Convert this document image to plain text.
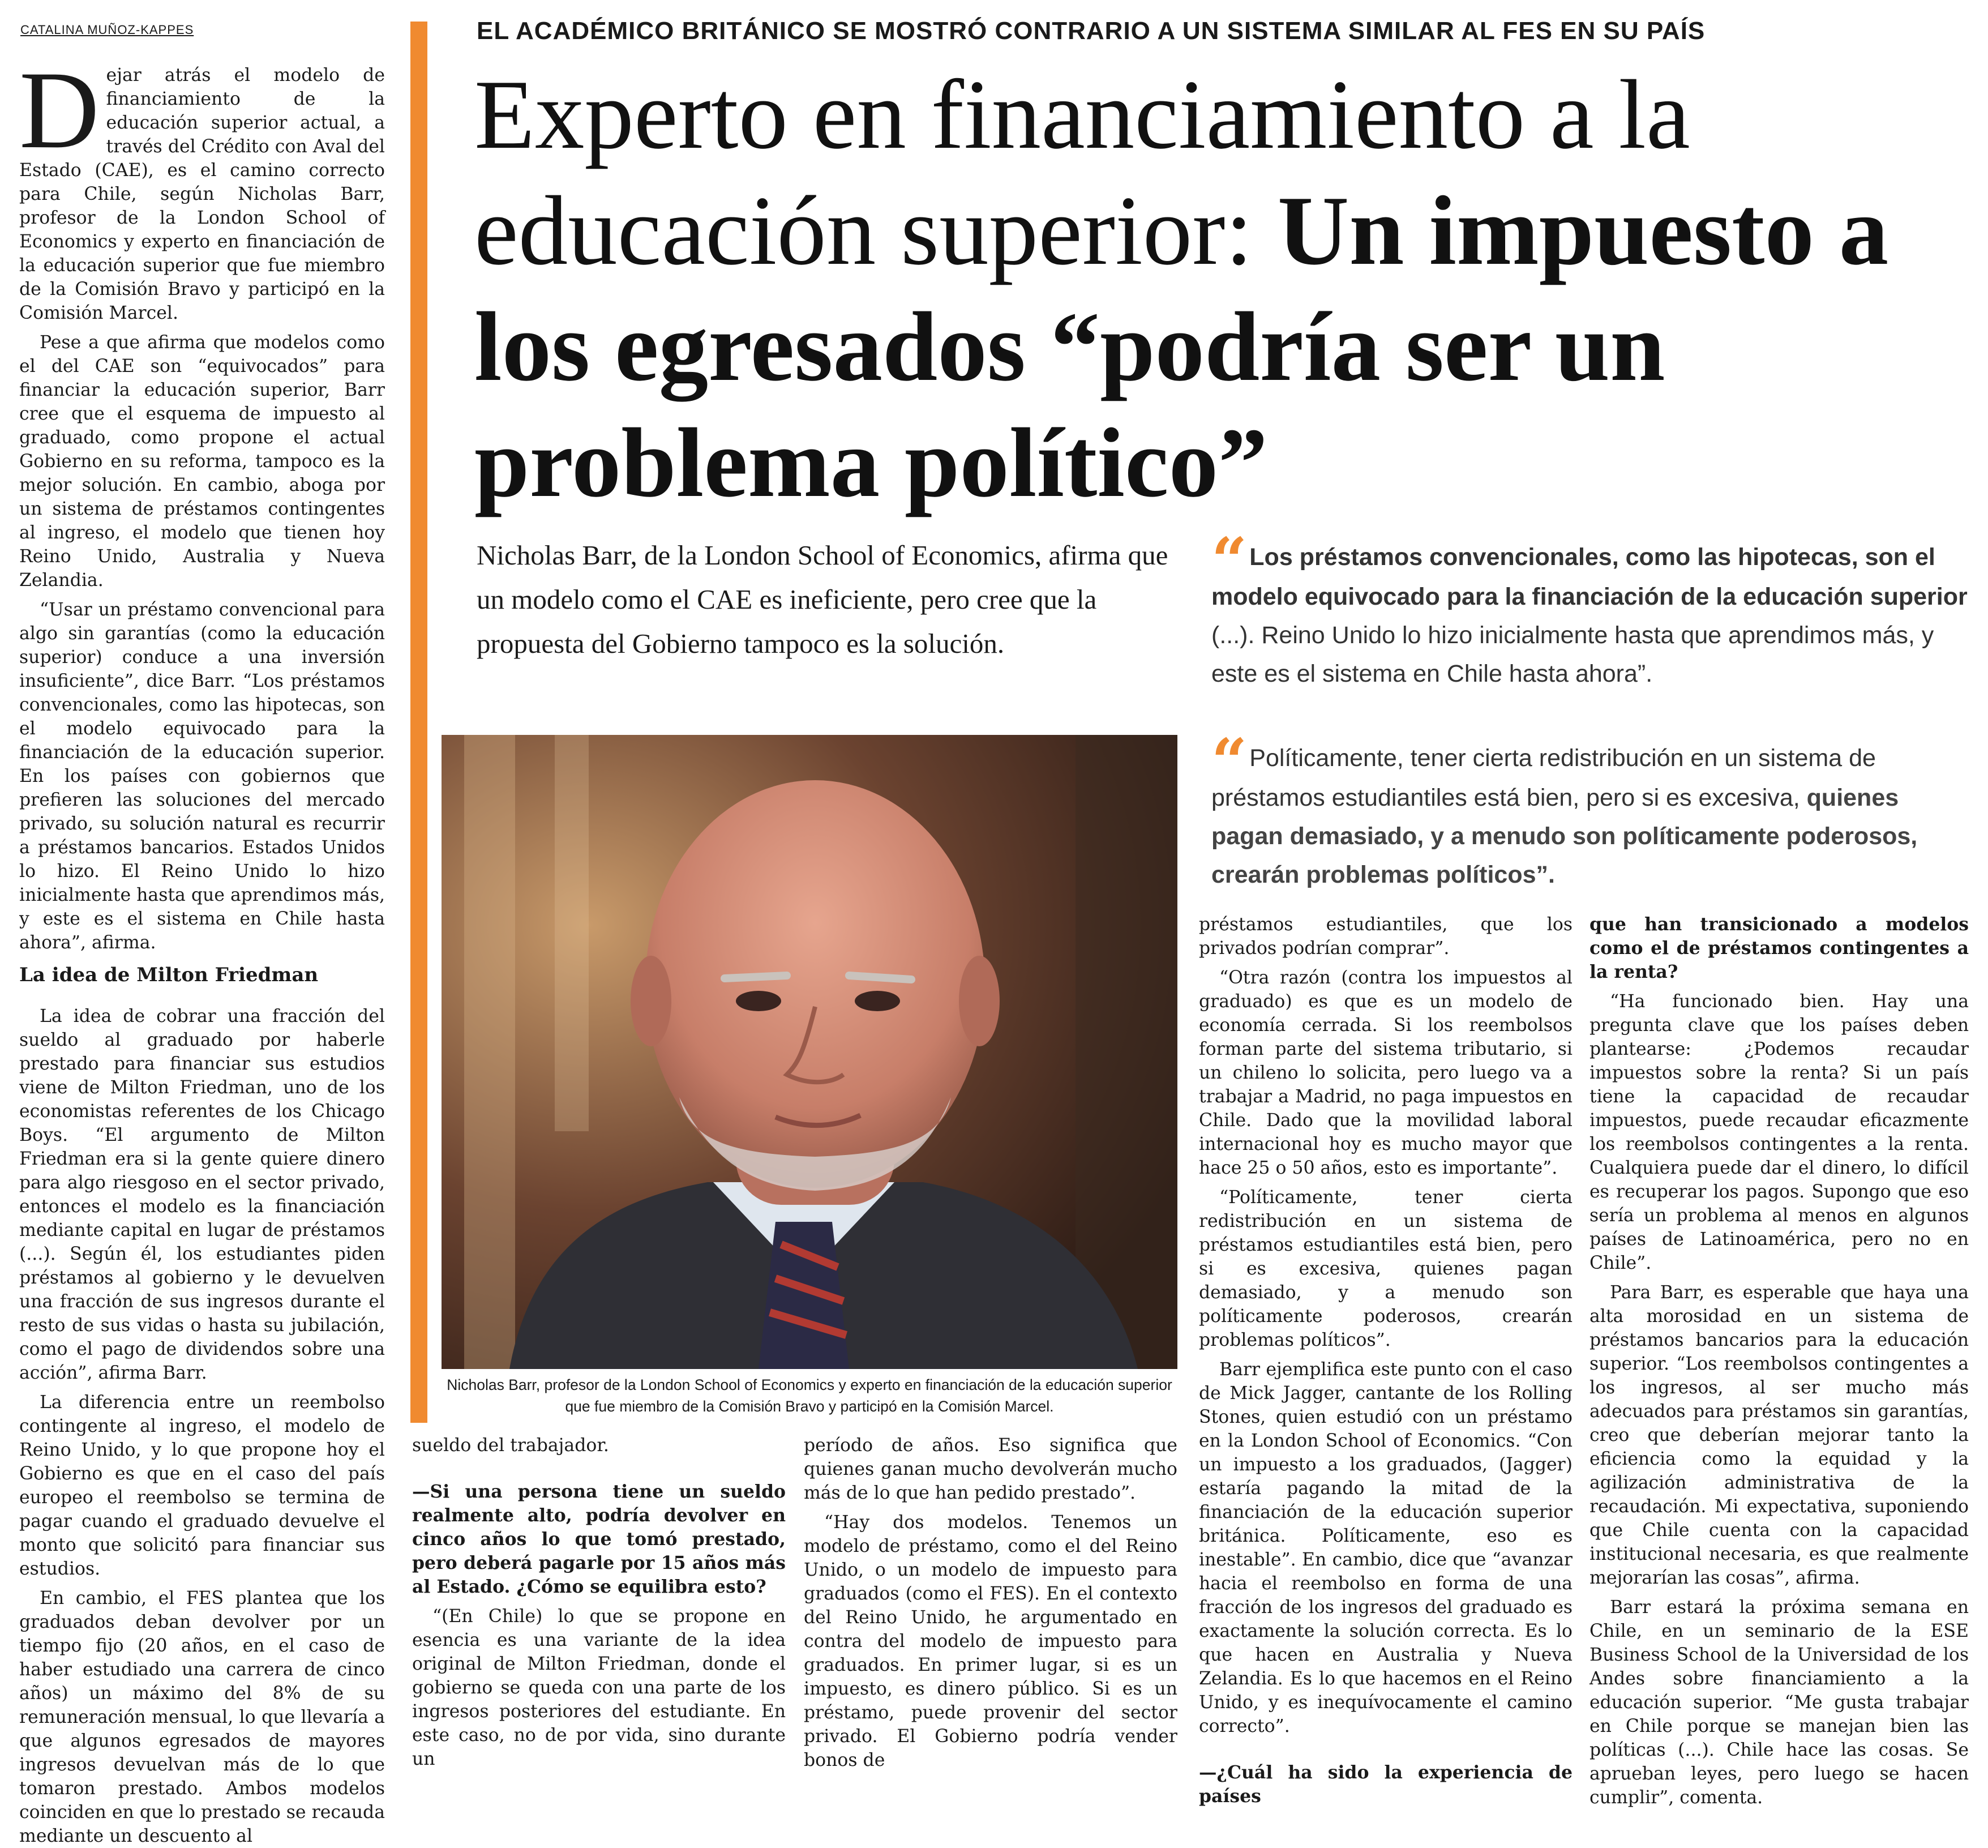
CATALINA MUÑOZ-KAPPES	EL ACADÉMICO BRITÁNICO SE MOSTRÓ CONTRARIO A UN SISTEMA SIMILAR AL FES EN SU PAÍS
Experto en financiamiento a la educación superior: Un impuesto a los egresados “podría ser un problema político”
Nicholas Barr, de la London School of Economics, afirma que un modelo como el CAE es ineficiente, pero cree que la propuesta del Gobierno tampoco es la solución.
“ Los préstamos convencionales, como las hipotecas, son el modelo equivocado para la financiación de la educación superior (...). Reino Unido lo hizo inicialmente hasta que aprendimos más, y este es el sistema en Chile hasta ahora”.
“ Políticamente, tener cierta redistribución en un sistema de préstamos estudiantiles está bien, pero si es excesiva, quienes pagan demasiado, y a menudo son políticamente poderosos, crearán problemas políticos”.
Nicholas Barr, profesor de la London School of Economics y experto en financiación de la educación superior que fue miembro de la Comisión Bravo y participó en la Comisión Marcel.

Dejar atrás el modelo de financiamiento de la educación superior actual, a través del Crédito con Aval del Estado (CAE), es el camino correcto para Chile, según Nicholas Barr, profesor de la London School of Economics y experto en financiación de la educación superior que fue miembro de la Comisión Bravo y participó en la Comisión Marcel.

Pese a que afirma que modelos como el del CAE son “equivocados” para financiar la educación superior, Barr cree que el esquema de impuesto al graduado, como propone el actual Gobierno en su reforma, tampoco es la mejor solución. En cambio, aboga por un sistema de préstamos contingentes al ingreso, el modelo que tienen hoy Reino Unido, Australia y Nueva Zelandia.

“Usar un préstamo convencional para algo sin garantías (como la educación superior) conduce a una inversión insuficiente”, dice Barr. “Los préstamos convencionales, como las hipotecas, son el modelo equivocado para la financiación de la educación superior. En los países con gobiernos que prefieren las soluciones del mercado privado, su solución natural es recurrir a préstamos bancarios. Estados Unidos lo hizo. El Reino Unido lo hizo inicialmente hasta que aprendimos más, y este es el sistema en Chile hasta ahora”, afirma.

La idea de Milton Friedman

La idea de cobrar una fracción del sueldo al graduado por haberle prestado para financiar sus estudios viene de Milton Friedman, uno de los economistas referentes de los Chicago Boys. “El argumento de Milton Friedman era si la gente quiere dinero para algo riesgoso en el sector privado, entonces el modelo es la financiación mediante capital en lugar de préstamos (...). Según él, los estudiantes piden préstamos al gobierno y le devuelven una fracción de sus ingresos durante el resto de sus vidas o hasta su jubilación, como el pago de dividendos sobre una acción”, afirma Barr.

La diferencia entre un reembolso contingente al ingreso, el modelo de Reino Unido, y lo que propone hoy el Gobierno es que en el caso del país europeo el reembolso se termina de pagar cuando el graduado devuelve el monto que solicitó para financiar sus estudios.

En cambio, el FES plantea que los graduados deban devolver por un tiempo fijo (20 años, en el caso de haber estudiado una carrera de cinco años) un máximo del 8% de su remuneración mensual, lo que llevaría a que algunos egresados de mayores ingresos devuelvan más de lo que tomaron prestado. Ambos modelos coinciden en que lo prestado se recauda mediante un descuento al

sueldo del trabajador.

—Si una persona tiene un sueldo realmente alto, podría devolver en cinco años lo que tomó prestado, pero deberá pagarle por 15 años más al Estado. ¿Cómo se equilibra esto?

“(En Chile) lo que se propone en esencia es una variante de la idea original de Milton Friedman, donde el gobierno se queda con una parte de los ingresos posteriores del estudiante. En este caso, no de por vida, sino durante un

período de años. Eso significa que quienes ganan mucho devolverán mucho más de lo que han pedido prestado”.

“Hay dos modelos. Tenemos un modelo de préstamo, como el del Reino Unido, o un modelo de impuesto para graduados (como el FES). En el contexto del Reino Unido, he argumentado en contra del modelo de impuesto para graduados. En primer lugar, si es un impuesto, es dinero público. Si es un préstamo, puede provenir del sector privado. El Gobierno podría vender bonos de

préstamos estudiantiles, que los privados podrían comprar”.

“Otra razón (contra los impuestos al graduado) es que es un modelo de economía cerrada. Si los reembolsos forman parte del sistema tributario, si un chileno lo solicita, pero luego va a trabajar a Madrid, no paga impuestos en Chile. Dado que la movilidad laboral internacional hoy es mucho mayor que hace 25 o 50 años, esto es importante”.

“Políticamente, tener cierta redistribución en un sistema de préstamos estudiantiles está bien, pero si es excesiva, quienes pagan demasiado, y a menudo son políticamente poderosos, crearán problemas políticos”.

Barr ejemplifica este punto con el caso de Mick Jagger, cantante de los Rolling Stones, quien estudió con un préstamo en la London School of Economics. “Con un impuesto a los graduados, (Jagger) estaría pagando la mitad de la financiación de la educación superior británica. Políticamente, eso es inestable”. En cambio, dice que “avanzar hacia el reembolso en forma de una fracción de los ingresos del graduado es exactamente la solución correcta. Es lo que hacen en Australia y Nueva Zelandia. Es lo que hacemos en el Reino Unido, y es inequívocamente el camino correcto”.

—¿Cuál ha sido la experiencia de países

que han transicionado a modelos como el de préstamos contingentes a la renta?

“Ha funcionado bien. Hay una pregunta clave que los países deben plantearse: ¿Podemos recaudar impuestos sobre la renta? Si un país tiene la capacidad de recaudar impuestos, puede recaudar eficazmente los reembolsos contingentes a la renta. Cualquiera puede dar el dinero, lo difícil es recuperar los pagos. Supongo que eso sería un problema al menos en algunos países de Latinoamérica, pero no en Chile”.

Para Barr, es esperable que haya una alta morosidad en un sistema de préstamos bancarios para la educación superior. “Los reembolsos contingentes a los ingresos, al ser mucho más adecuados para préstamos sin garantías, creo que deberían mejorar tanto la eficiencia como la equidad y la agilización administrativa de la recaudación. Mi expectativa, suponiendo que Chile cuenta con la capacidad institucional necesaria, es que realmente mejorarían las cosas”, afirma.

Barr estará la próxima semana en Chile, en un seminario de la ESE Business School de la Universidad de los Andes sobre financiamiento a la educación superior. “Me gusta trabajar en Chile porque se manejan bien las políticas (...). Chile hace las cosas. Se aprueban leyes, pero luego se hacen cumplir”, comenta.
